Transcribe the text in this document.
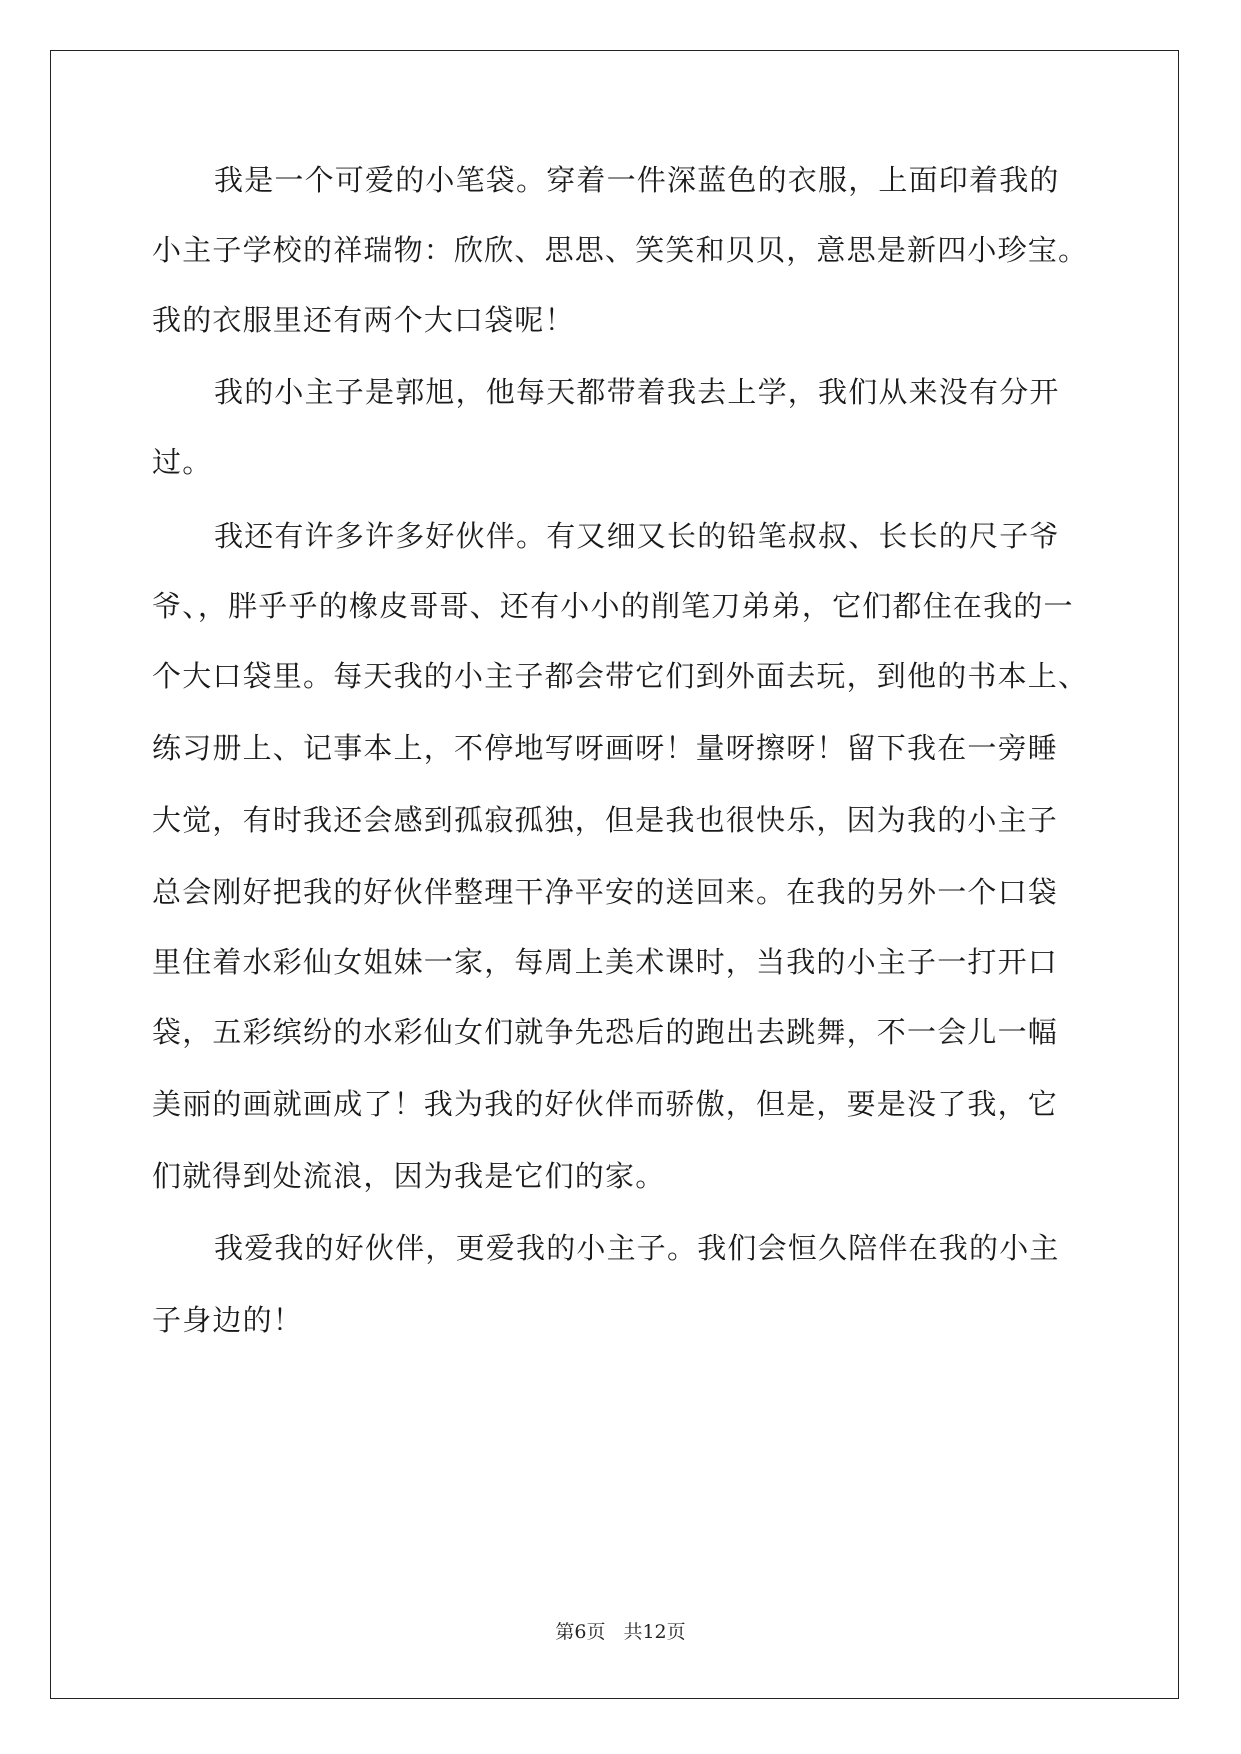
我是一个可爱的小笔袋。穿着一件深蓝色的衣服，上面印着我的
小主子学校的祥瑞物：欣欣、思思、笑笑和贝贝，意思是新四小珍宝。
我的衣服里还有两个大口袋呢！
我的小主子是郭旭，他每天都带着我去上学，我们从来没有分开
过。
我还有许多许多好伙伴。有又细又长的铅笔叔叔、长长的尺子爷
爷、，胖乎乎的橡皮哥哥、还有小小的削笔刀弟弟，它们都住在我的一
个大口袋里。每天我的小主子都会带它们到外面去玩，到他的书本上、
练习册上、记事本上，不停地写呀画呀！量呀擦呀！留下我在一旁睡
大觉，有时我还会感到孤寂孤独，但是我也很快乐，因为我的小主子
总会刚好把我的好伙伴整理干净平安的送回来。在我的另外一个口袋
里住着水彩仙女姐妹一家，每周上美术课时，当我的小主子一打开口
袋，五彩缤纷的水彩仙女们就争先恐后的跑出去跳舞，不一会儿一幅
美丽的画就画成了！我为我的好伙伴而骄傲，但是，要是没了我，它
们就得到处流浪，因为我是它们的家。
我爱我的好伙伴，更爱我的小主子。我们会恒久陪伴在我的小主
子身边的！
第6页 共12页
